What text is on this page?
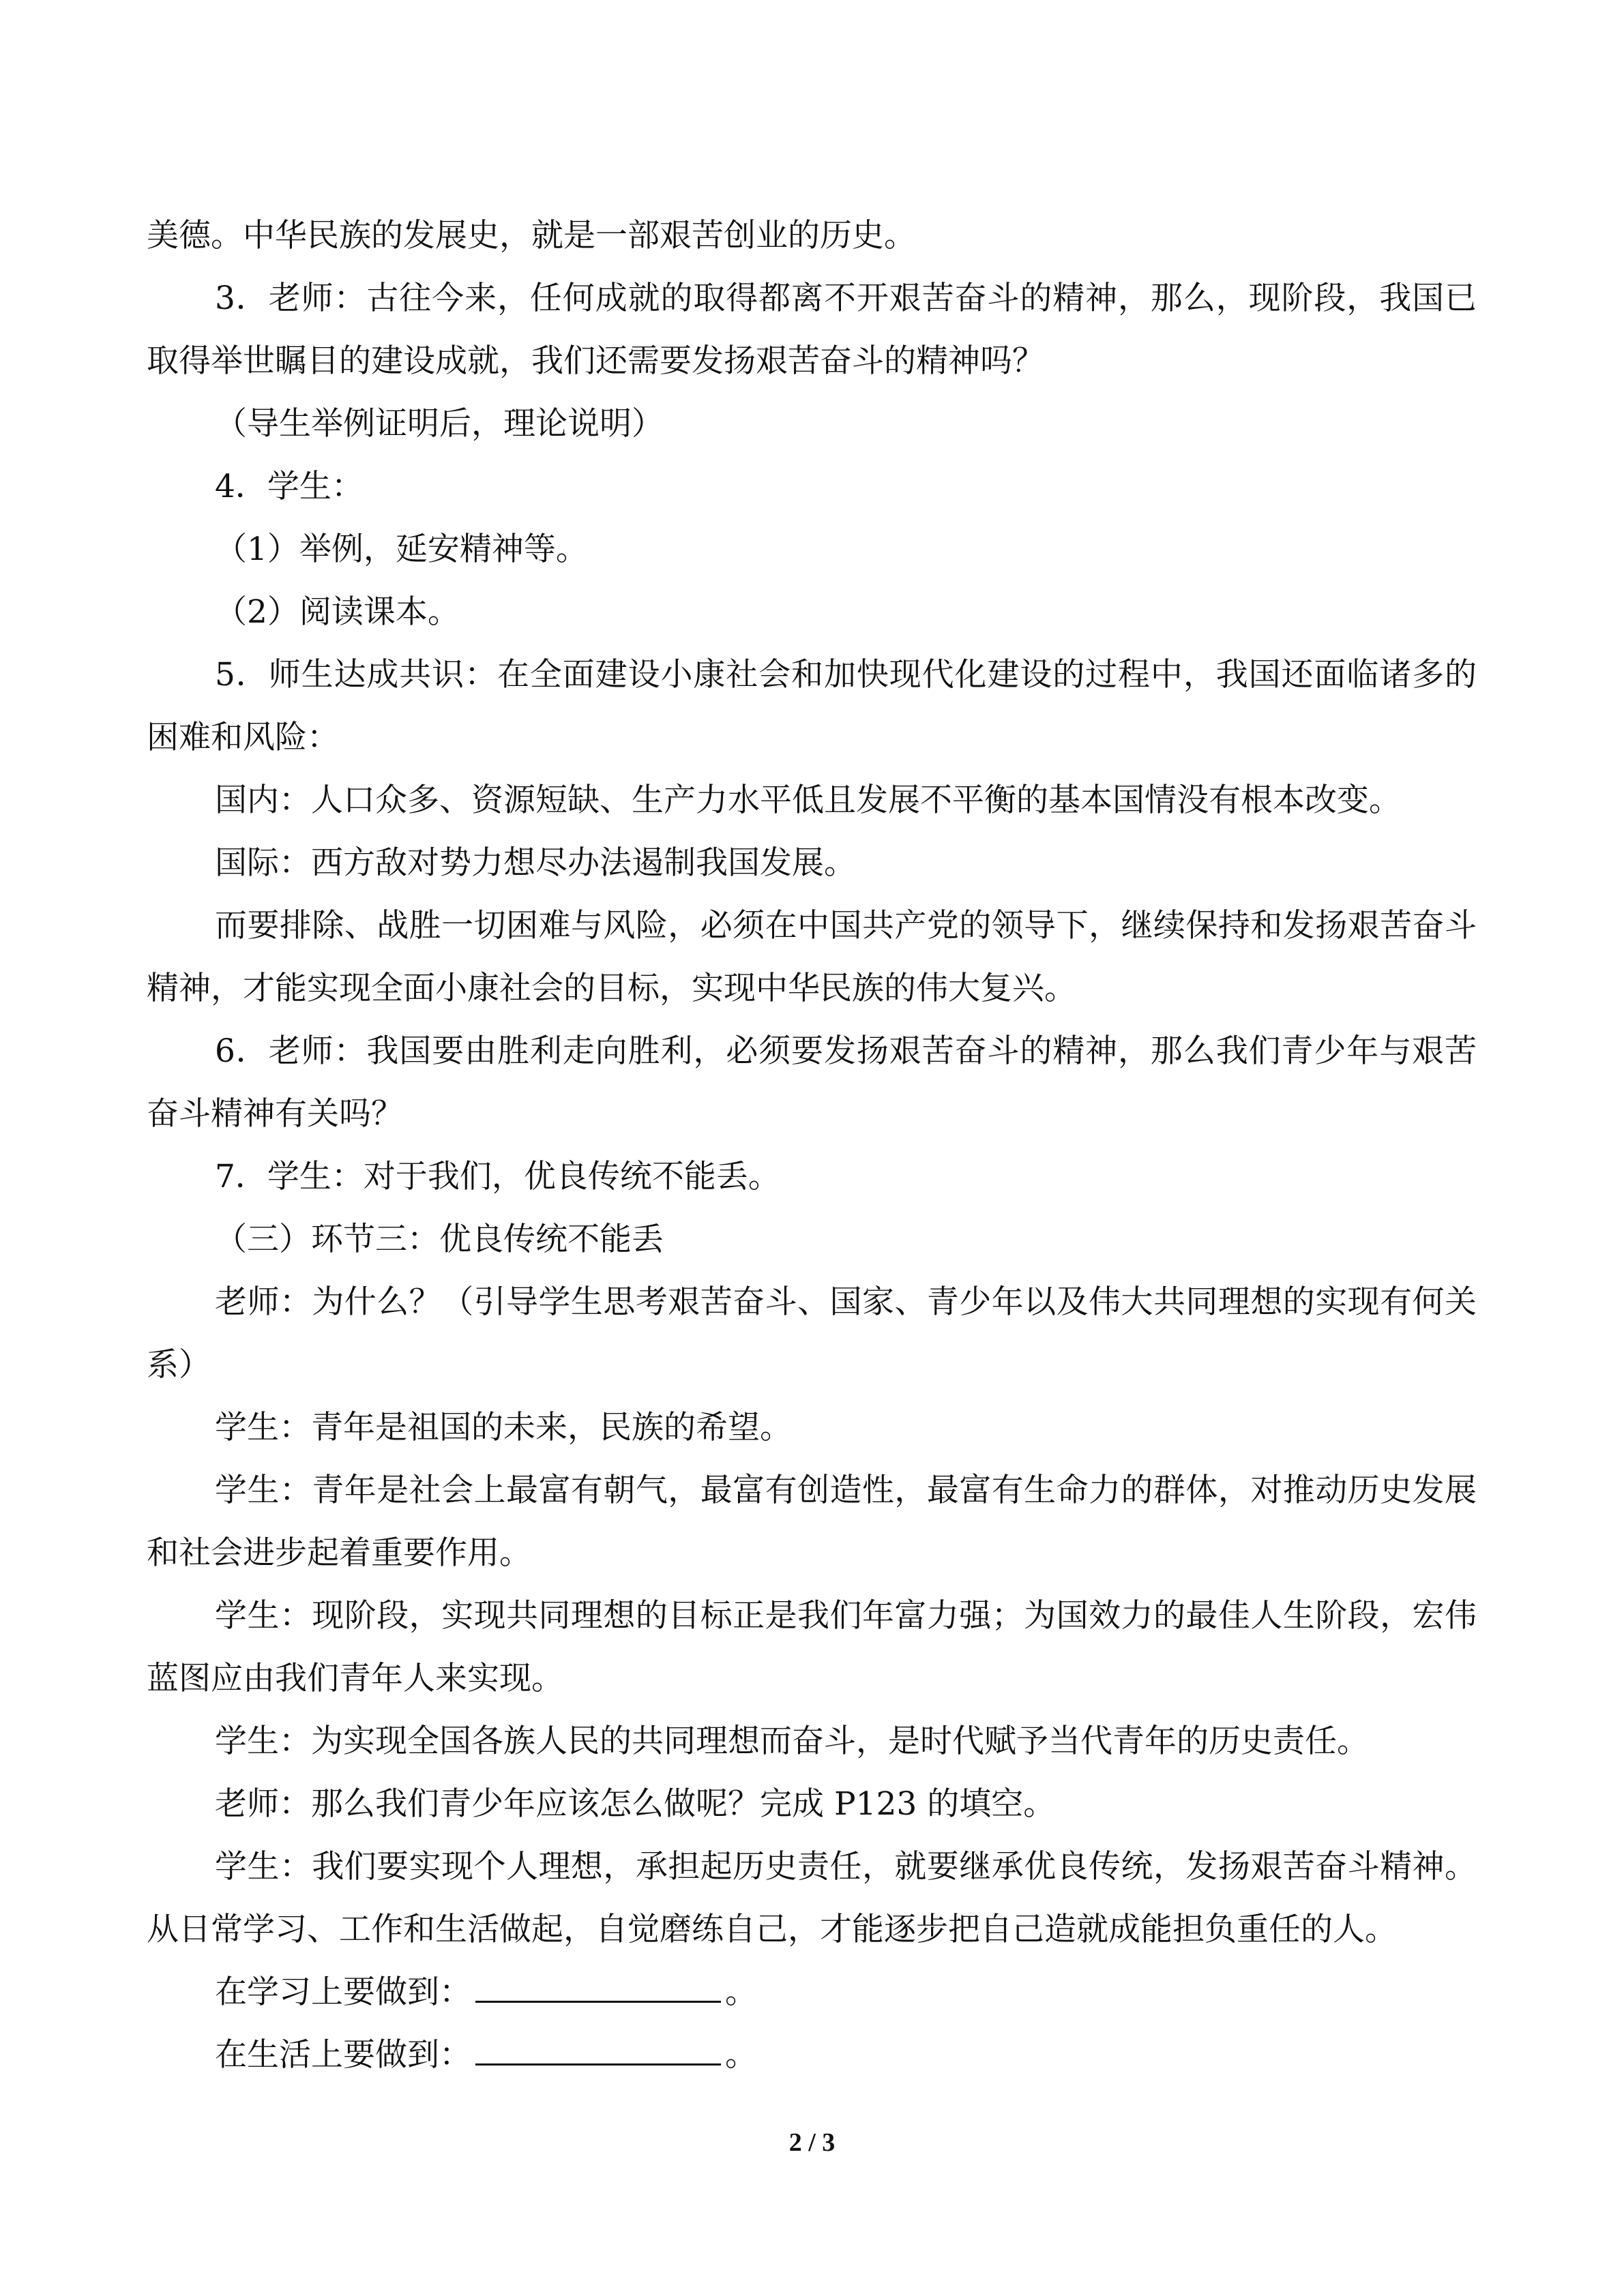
美德。中华民族的发展史，就是一部艰苦创业的历史。

3．老师：古往今来，任何成就的取得都离不开艰苦奋斗的精神，那么，现阶段，我国已取得举世瞩目的建设成就，我们还需要发扬艰苦奋斗的精神吗？

（导生举例证明后，理论说明）

4．学生：

（1）举例，延安精神等。

（2）阅读课本。

5．师生达成共识：在全面建设小康社会和加快现代化建设的过程中，我国还面临诸多的困难和风险：

国内：人口众多、资源短缺、生产力水平低且发展不平衡的基本国情没有根本改变。

国际：西方敌对势力想尽办法遏制我国发展。

而要排除、战胜一切困难与风险，必须在中国共产党的领导下，继续保持和发扬艰苦奋斗精神，才能实现全面小康社会的目标，实现中华民族的伟大复兴。

6．老师：我国要由胜利走向胜利，必须要发扬艰苦奋斗的精神，那么我们青少年与艰苦奋斗精神有关吗？

7．学生：对于我们，优良传统不能丢。

（三）环节三：优良传统不能丢

老师：为什么？（引导学生思考艰苦奋斗、国家、青少年以及伟大共同理想的实现有何关系）

学生：青年是祖国的未来，民族的希望。

学生：青年是社会上最富有朝气，最富有创造性，最富有生命力的群体，对推动历史发展和社会进步起着重要作用。

学生：现阶段，实现共同理想的目标正是我们年富力强；为国效力的最佳人生阶段，宏伟蓝图应由我们青年人来实现。

学生：为实现全国各族人民的共同理想而奋斗，是时代赋予当代青年的历史责任。

老师：那么我们青少年应该怎么做呢？完成 P123 的填空。

学生：我们要实现个人理想，承担起历史责任，就要继承优良传统，发扬艰苦奋斗精神。从日常学习、工作和生活做起，自觉磨练自己，才能逐步把自己造就成能担负重任的人。

在学习上要做到：	。

在生活上要做到：	。

2 / 3
